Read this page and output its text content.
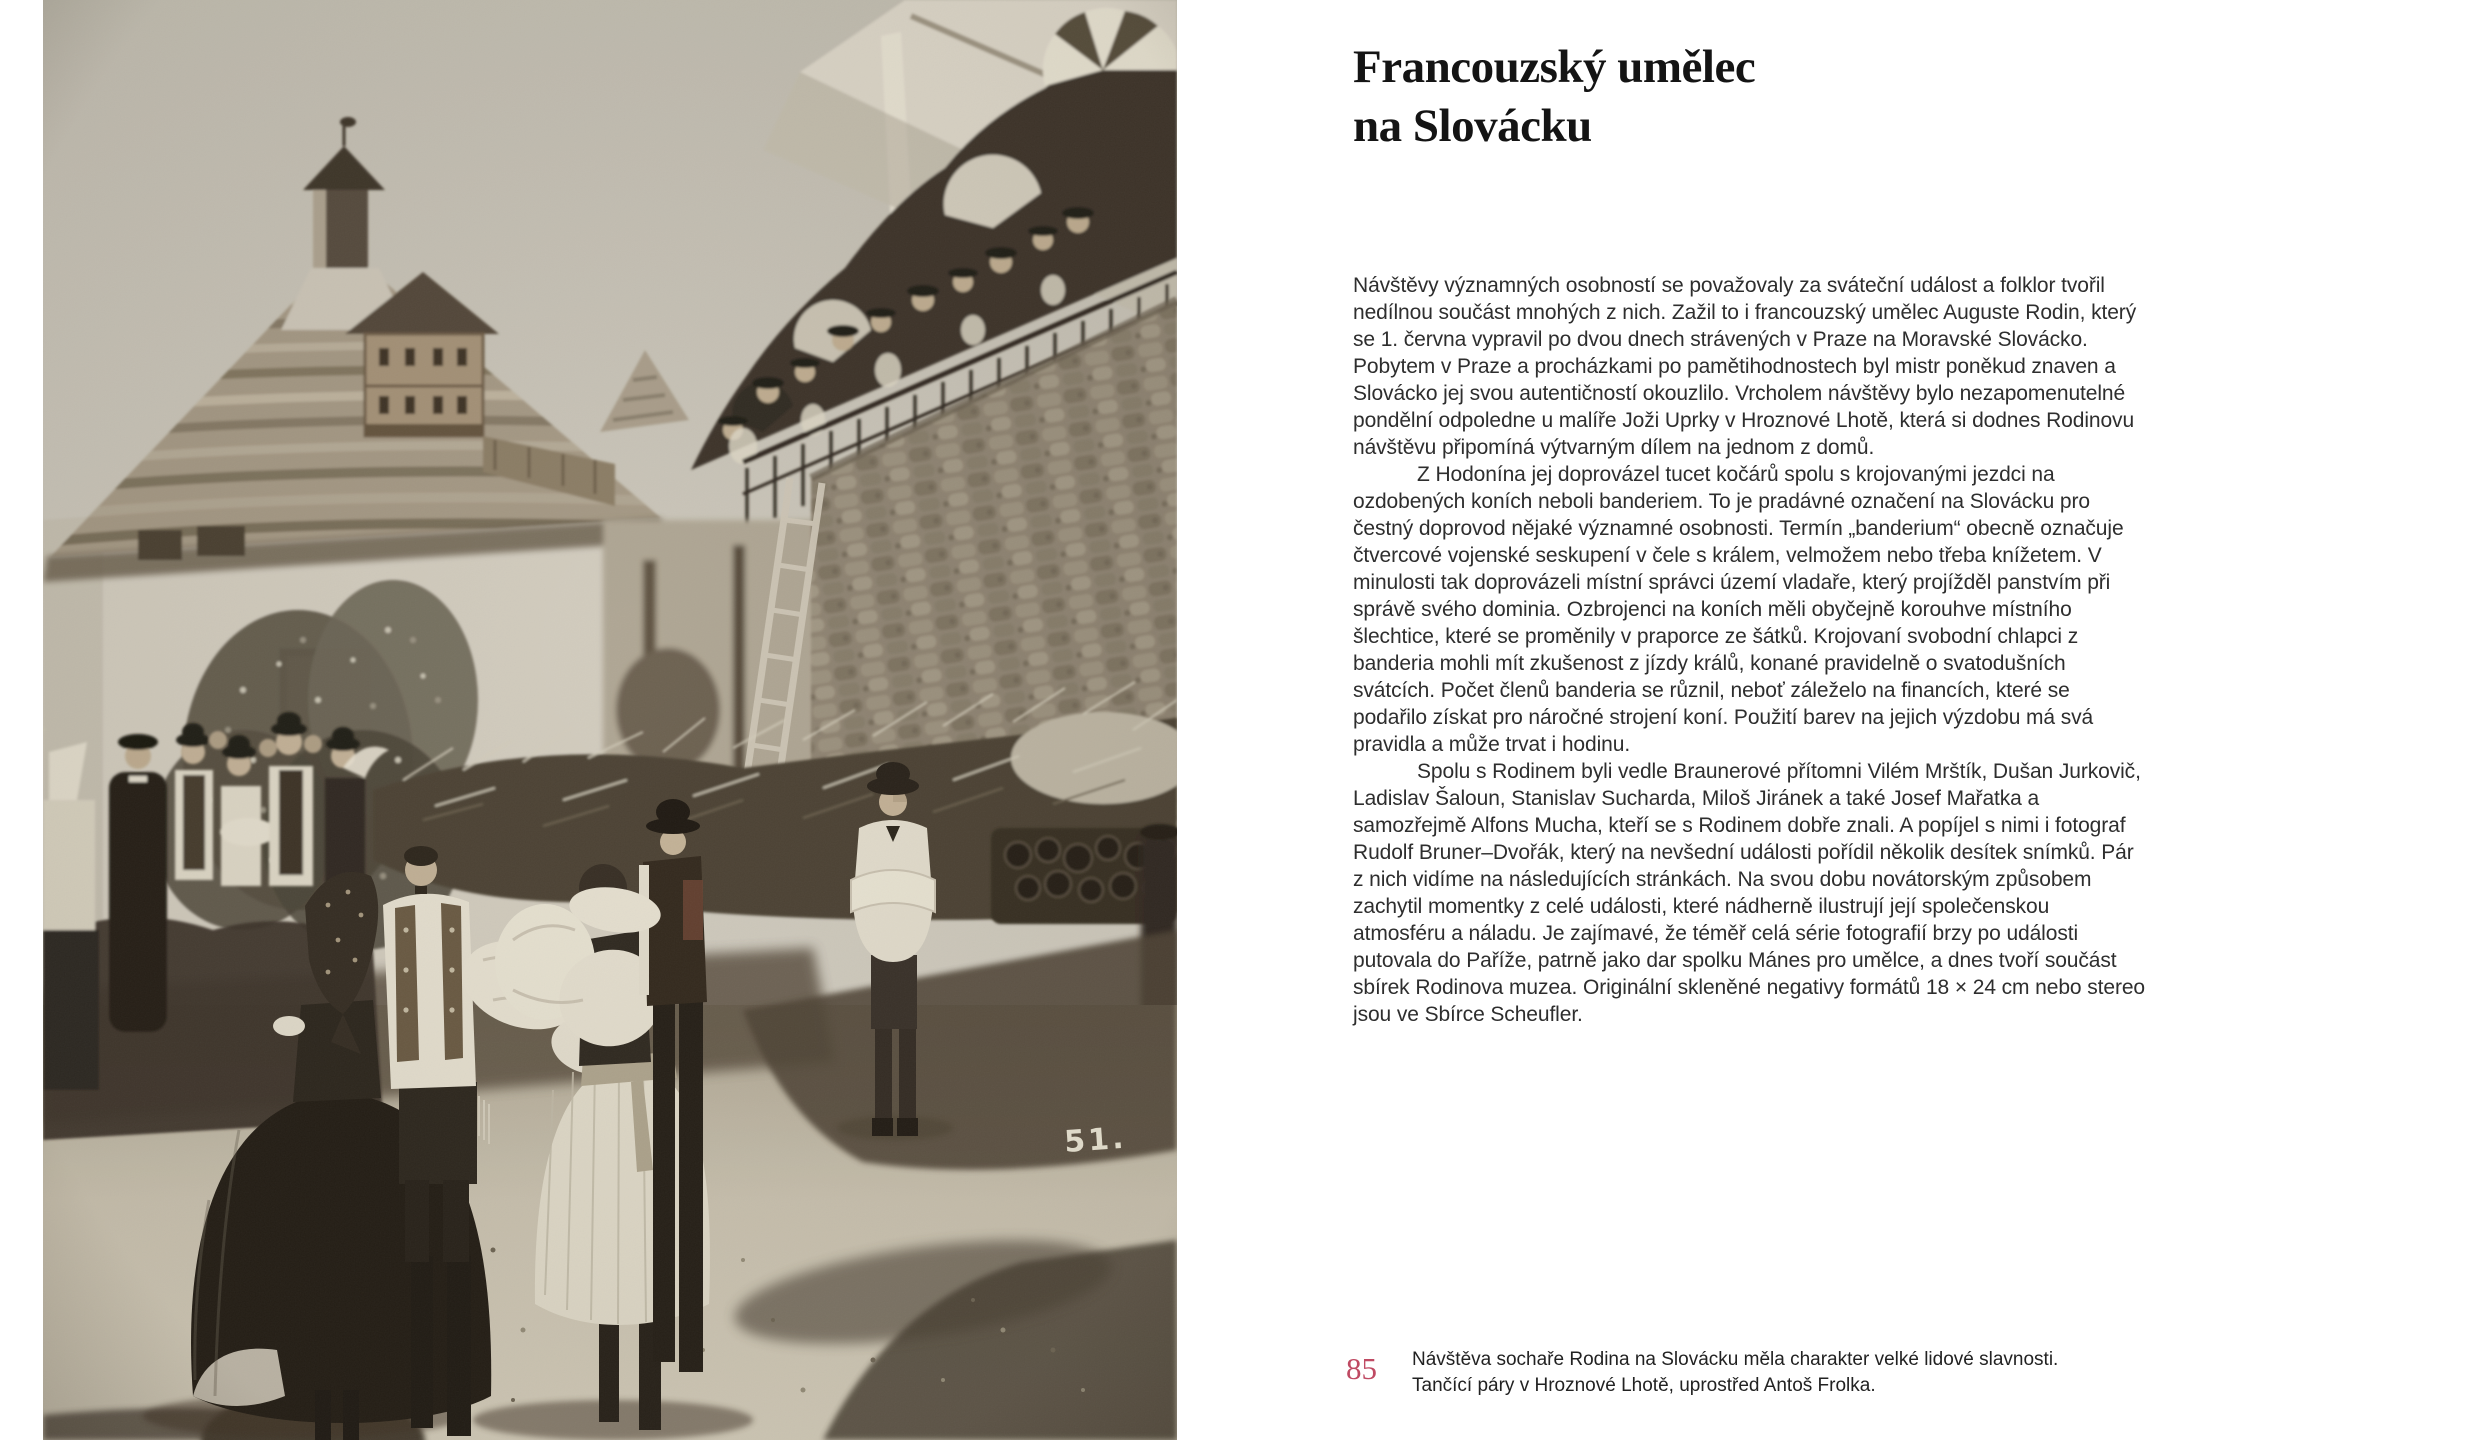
Francouzský umělec
na Slovácku

Návštěvy významných osobností se považovaly za sváteční událost a folklor tvořil nedílnou součást mnohých z nich. Zažil to i francouzský umělec Auguste Rodin, který se 1. června vypravil po dvou dnech strávených v Praze na Moravské Slovácko. Pobytem v Praze a procházkami po pamětihodnostech byl mistr poněkud znaven a Slovácko jej svou autentičností okouzlilo. Vrcholem návštěvy bylo nezapomenutelné pondělní odpoledne u malíře Joži Uprky v Hroznové Lhotě, která si dodnes Rodinovu návštěvu připomíná výtvarným dílem na jednom z domů.

Z Hodonína jej doprovázel tucet kočárů spolu s krojovanými jezdci na ozdobených koních neboli banderiem. To je pradávné označení na Slovácku pro čestný doprovod nějaké významné osobnosti. Termín „banderium“ obecně označuje čtvercové vojenské seskupení v čele s králem, velmožem nebo třeba knížetem. V minulosti tak doprovázeli místní správci území vladaře, který projížděl panstvím při správě svého dominia. Ozbrojenci na koních měli obyčejně korouhve místního šlechtice, které se proměnily v praporce ze šátků. Krojovaní svobodní chlapci z banderia mohli mít zkušenost z jízdy králů, konané pravidelně o svatodušních svátcích. Počet členů banderia se různil, neboť záleželo na financích, které se podařilo získat pro náročné strojení koní. Použití barev na jejich výzdobu má svá pravidla a může trvat i hodinu.

Spolu s Rodinem byli vedle Braunerové přítomni Vilém Mrštík, Dušan Jurkovič, Ladislav Šaloun, Stanislav Sucharda, Miloš Jiránek a také Josef Mařatka a samozřejmě Alfons Mucha, kteří se s Rodinem dobře znali. A popíjel s nimi i fotograf Rudolf Bruner–Dvořák, který na nevšední události pořídil několik desítek snímků. Pár z nich vidíme na následujících stránkách. Na svou dobu novátorským způsobem zachytil momentky z celé události, které nádherně ilustrují její společenskou atmosféru a náladu. Je zajímavé, že téměř celá série fotografií brzy po události putovala do Paříže, patrně jako dar spolku Mánes pro umělce, a dnes tvoří součást sbírek Rodinova muzea. Originální skleněné negativy formátů 18 × 24 cm nebo stereo jsou ve Sbírce Scheufler.

85 Návštěva sochaře Rodina na Slovácku měla charakter velké lidové slavnosti.
Tančící páry v Hroznové Lhotě, uprostřed Antoš Frolka.
